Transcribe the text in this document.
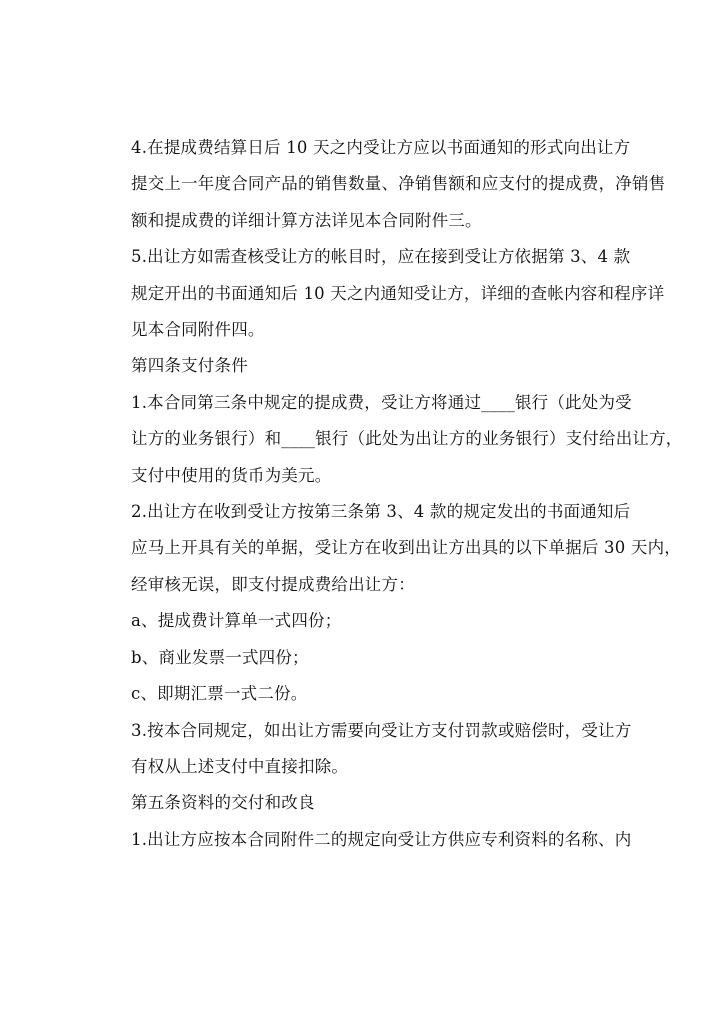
4.在提成费结算日后 10 天之内受让方应以书面通知的形式向出让方
提交上一年度合同产品的销售数量、净销售额和应支付的提成费，净销售
额和提成费的详细计算方法详见本合同附件三。

5.出让方如需查核受让方的帐目时，应在接到受让方依据第 3、4 款
规定开出的书面通知后 10 天之内通知受让方，详细的查帐内容和程序详
见本合同附件四。

第四条支付条件

1.本合同第三条中规定的提成费，受让方将通过____银行（此处为受
让方的业务银行）和____银行（此处为出让方的业务银行）支付给出让方，
支付中使用的货币为美元。

2.出让方在收到受让方按第三条第 3、4 款的规定发出的书面通知后
应马上开具有关的单据，受让方在收到出让方出具的以下单据后 30 天内，
经审核无误，即支付提成费给出让方：

a、提成费计算单一式四份；

b、商业发票一式四份；

c、即期汇票一式二份。

3.按本合同规定，如出让方需要向受让方支付罚款或赔偿时，受让方
有权从上述支付中直接扣除。

第五条资料的交付和改良

1.出让方应按本合同附件二的规定向受让方供应专利资料的名称、内
